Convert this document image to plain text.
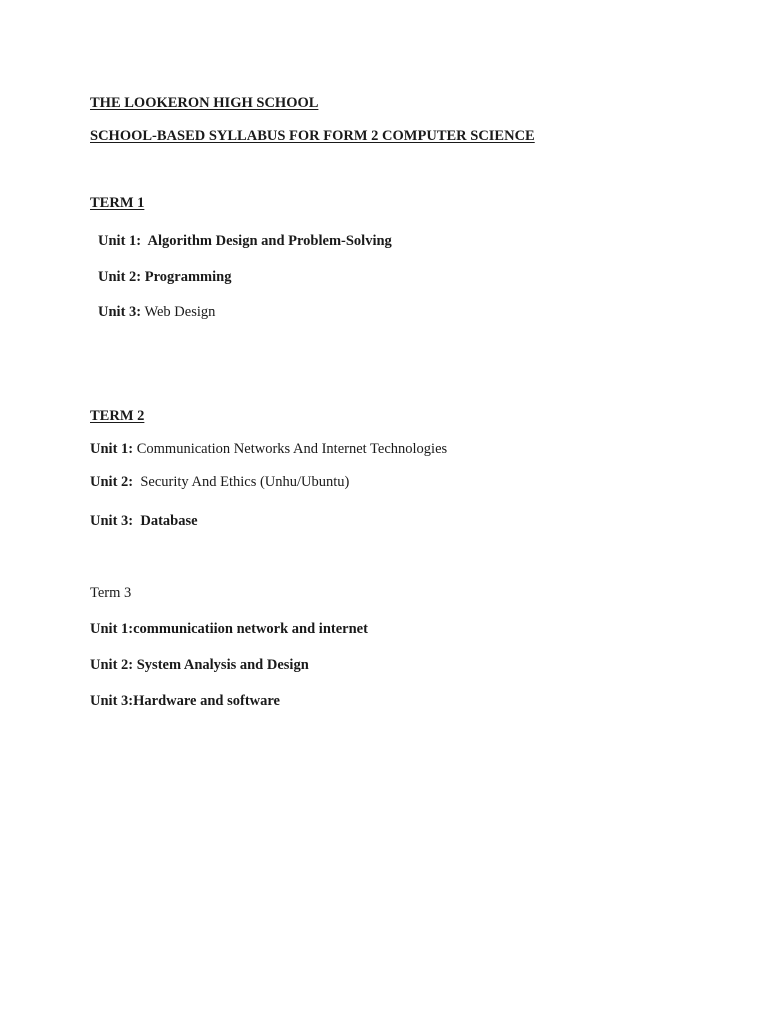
THE LOOKERON HIGH SCHOOL
SCHOOL-BASED SYLLABUS FOR FORM 2 COMPUTER SCIENCE
TERM 1
Unit 1:  Algorithm Design and Problem-Solving
Unit 2: Programming
Unit 3: Web Design
TERM 2
Unit 1: Communication Networks And Internet Technologies
Unit 2:  Security And Ethics (Unhu/Ubuntu)
Unit 3:  Database
Term 3
Unit 1:communicatiion network and internet
Unit 2: System Analysis and Design
Unit 3:Hardware and software
